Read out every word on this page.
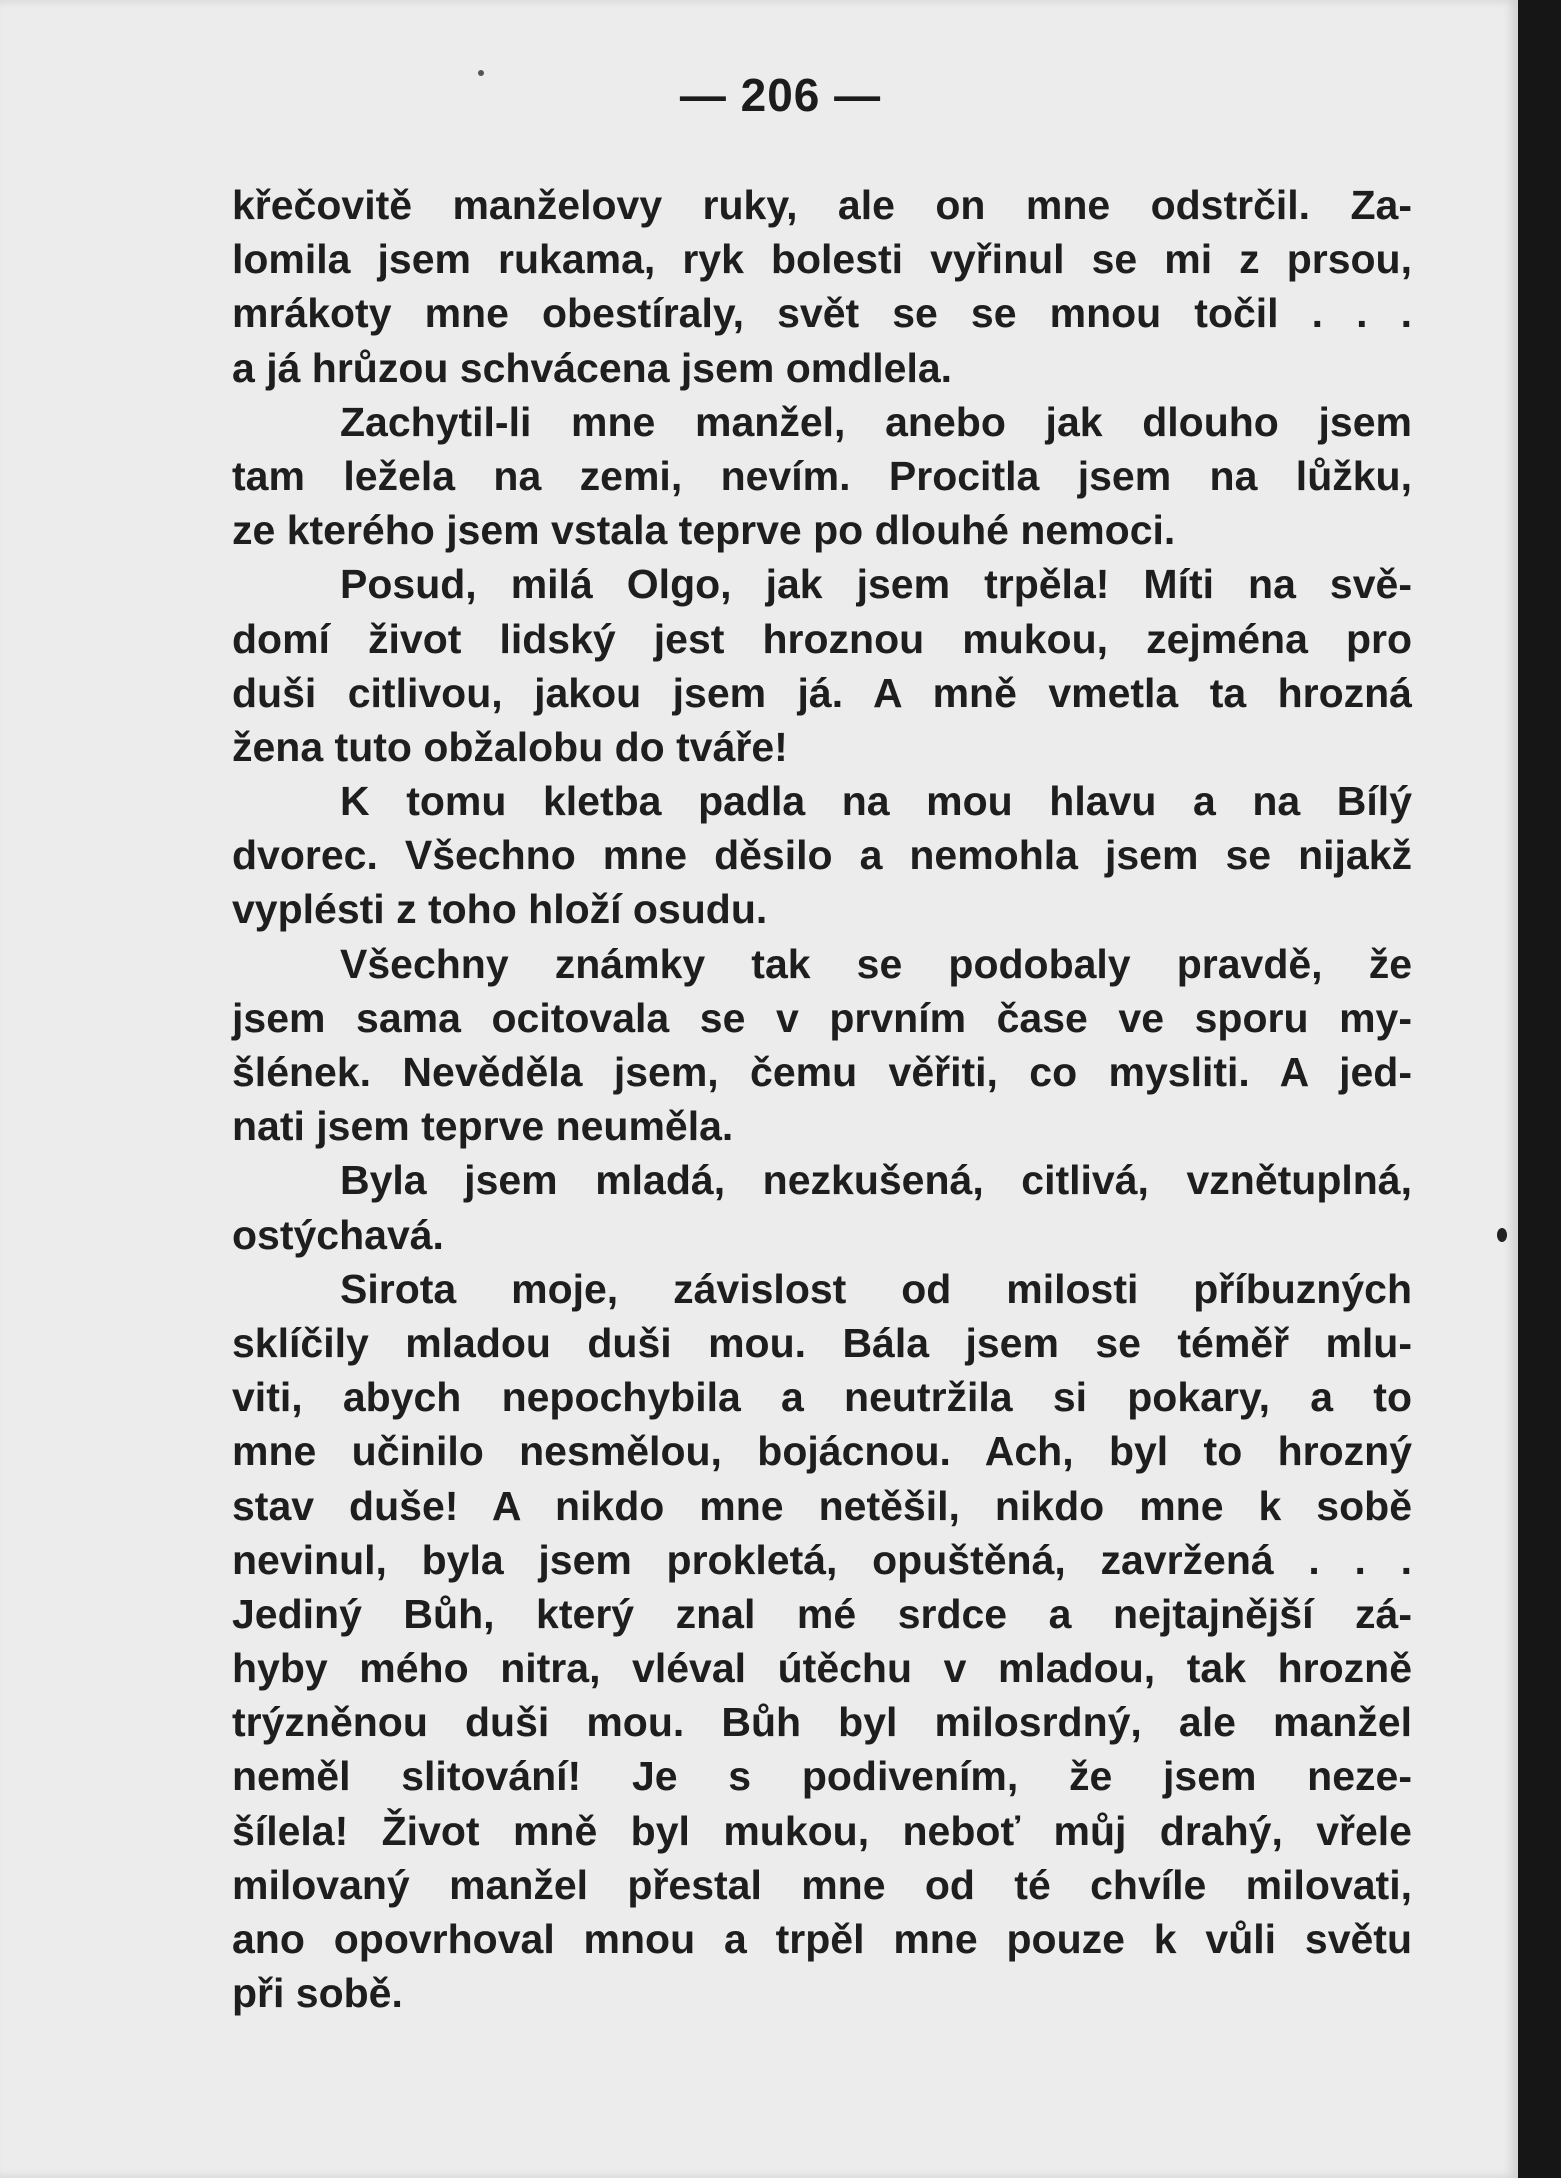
— 206 —
křečovitě manželovy ruky, ale on mne odstrčil. Za-
lomila jsem rukama, ryk bolesti vyřinul se mi z prsou,
mrákoty mne obestíraly, svět se se mnou točil . . .
a já hrůzou schvácena jsem omdlela.
Zachytil-li mne manžel, anebo jak dlouho jsem
tam ležela na zemi, nevím. Procitla jsem na lůžku,
ze kterého jsem vstala teprve po dlouhé nemoci.
Posud, milá Olgo, jak jsem trpěla! Míti na svě-
domí život lidský jest hroznou mukou, zejména pro
duši citlivou, jakou jsem já. A mně vmetla ta hrozná
žena tuto obžalobu do tváře!
K tomu kletba padla na mou hlavu a na Bílý
dvorec. Všechno mne děsilo a nemohla jsem se nijakž
vyplésti z toho hloží osudu.
Všechny známky tak se podobaly pravdě, že
jsem sama ocitovala se v prvním čase ve sporu my-
šlének. Nevěděla jsem, čemu věřiti, co mysliti. A jed-
nati jsem teprve neuměla.
Byla jsem mladá, nezkušená, citlivá, vznětuplná,
ostýchavá.
Sirota moje, závislost od milosti příbuzných
sklíčily mladou duši mou. Bála jsem se téměř mlu-
viti, abych nepochybila a neutržila si pokary, a to
mne učinilo nesmělou, bojácnou. Ach, byl to hrozný
stav duše! A nikdo mne netěšil, nikdo mne k sobě
nevinul, byla jsem prokletá, opuštěná, zavržená . . .
Jediný Bůh, který znal mé srdce a nejtajnější zá-
hyby mého nitra, vléval útěchu v mladou, tak hrozně
trýzněnou duši mou. Bůh byl milosrdný, ale manžel
neměl slitování! Je s podivením, že jsem neze-
šílela! Život mně byl mukou, neboť můj drahý, vřele
milovaný manžel přestal mne od té chvíle milovati,
ano opovrhoval mnou a trpěl mne pouze k vůli světu
při sobě.
